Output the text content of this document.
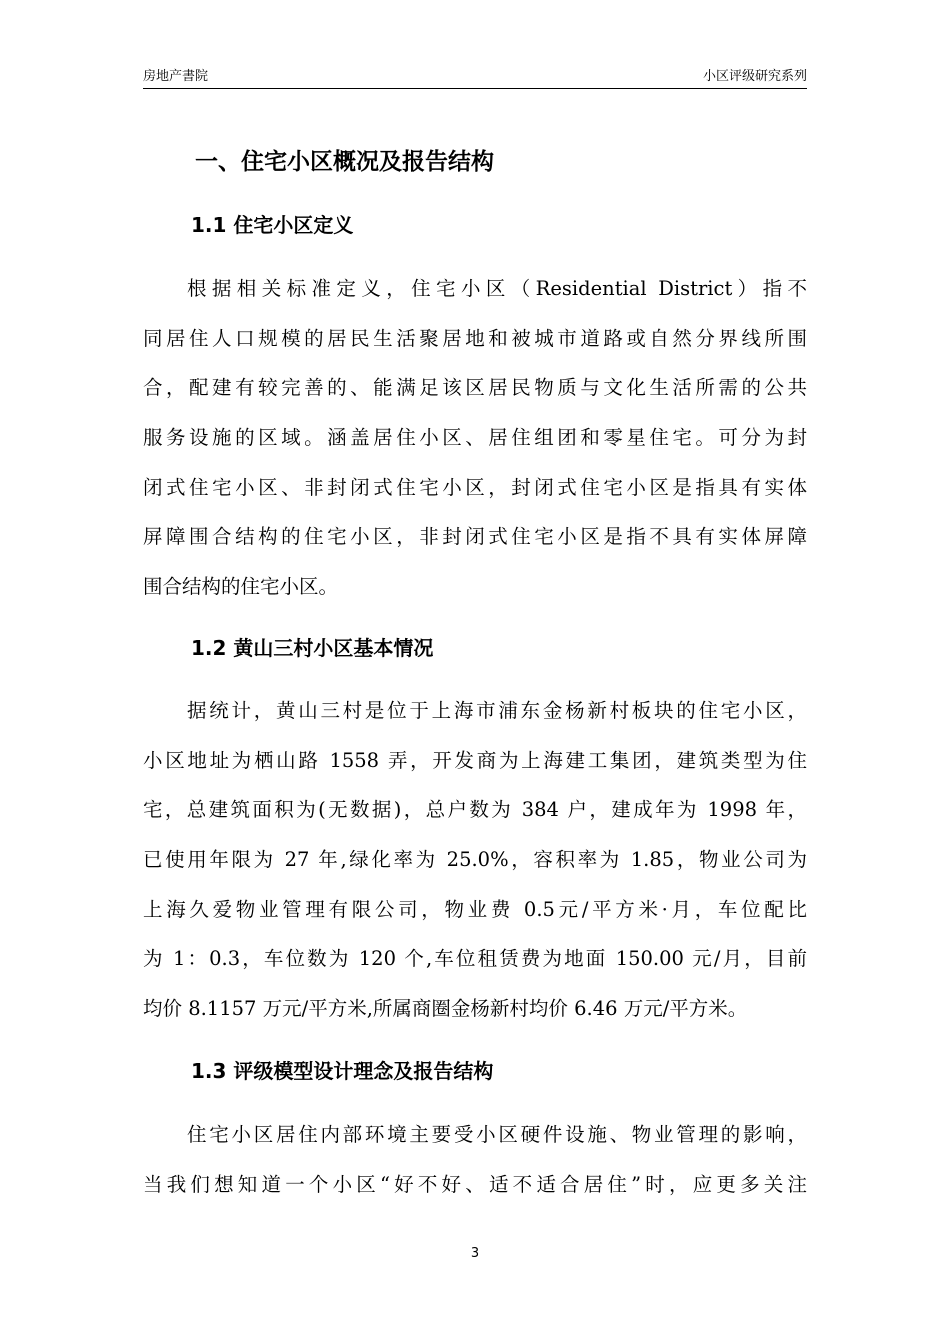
房地产書院	小区评级研究系列
一、住宅小区概况及报告结构
1.1 住宅小区定义
根据相关标准定义，住宅小区（Residential District）指不
同居住人口规模的居民生活聚居地和被城市道路或自然分界线所围
合，配建有较完善的、能满足该区居民物质与文化生活所需的公共
服务设施的区域。涵盖居住小区、居住组团和零星住宅。可分为封
闭式住宅小区、非封闭式住宅小区，封闭式住宅小区是指具有实体
屏障围合结构的住宅小区，非封闭式住宅小区是指不具有实体屏障
围合结构的住宅小区。
1.2 黄山三村小区基本情况
据统计，黄山三村是位于上海市浦东金杨新村板块的住宅小区，
小区地址为栖山路 1558 弄，开发商为上海建工集团，建筑类型为住
宅，总建筑面积为(无数据)，总户数为 384 户，建成年为 1998 年，
已使用年限为 27 年,绿化率为 25.0%，容积率为 1.85，物业公司为
上海久爱物业管理有限公司，物业费 0.5元/平方米·月，车位配比
为 1：0.3，车位数为 120 个,车位租赁费为地面 150.00 元/月，目前
均价 8.1157 万元/平方米,所属商圈金杨新村均价 6.46 万元/平方米。
1.3 评级模型设计理念及报告结构
住宅小区居住内部环境主要受小区硬件设施、物业管理的影响，
当我们想知道一个小区“好不好、适不适合居住”时，应更多关注
3
